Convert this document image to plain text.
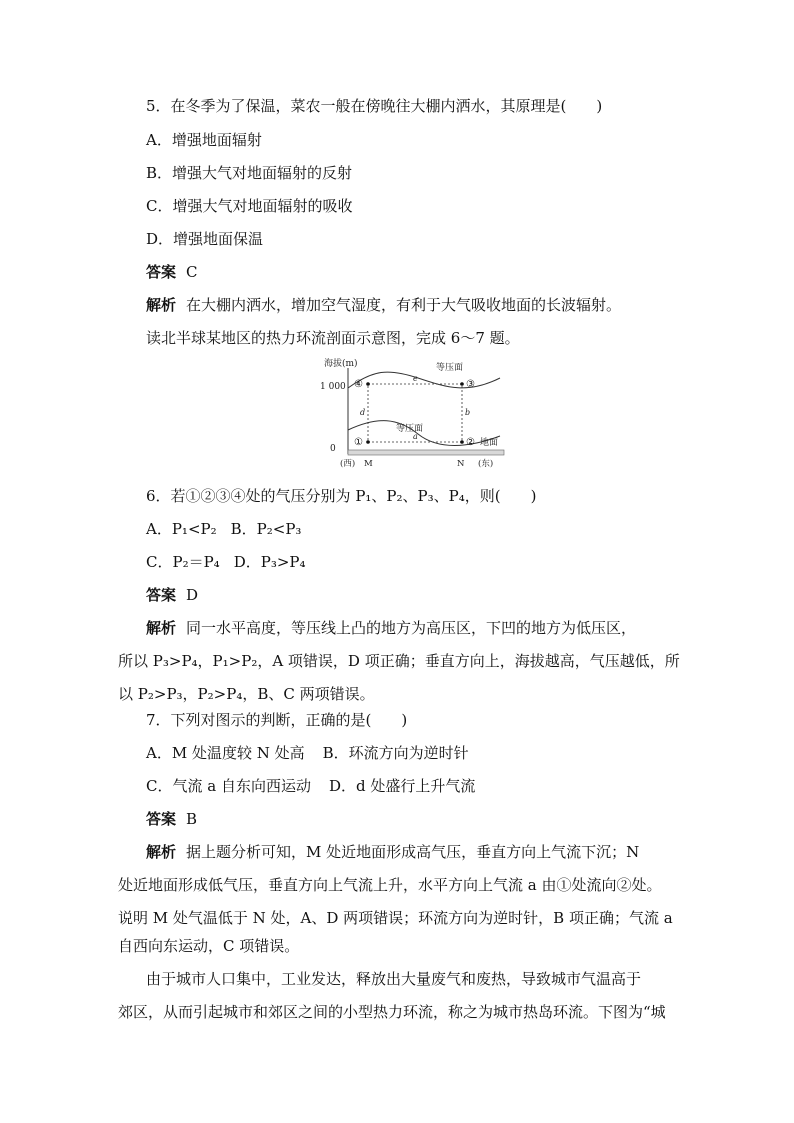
5．在冬季为了保温，菜农一般在傍晚往大棚内洒水，其原理是(　　)
A．增强地面辐射
B．增强大气对地面辐射的反射
C．增强大气对地面辐射的吸收
D．增强地面保温
答案 C
解析 在大棚内洒水，增加空气湿度，有利于大气吸收地面的长波辐射。
读北半球某地区的热力环流剖面示意图，完成 6～7 题。
海拔(m)
1 000
0
等压面
等压面
④	③
①	②
e
a
d	b
地面
(西) M	N (东)
6．若①②③④处的气压分别为 P₁、P₂、P₃、P₄，则(　　)
A．P₁<P₂ B．P₂<P₃
C．P₂＝P₄ D．P₃>P₄
答案 D
解析 同一水平高度，等压线上凸的地方为高压区，下凹的地方为低压区，
所以 P₃>P₄，P₁>P₂，A 项错误，D 项正确；垂直方向上，海拔越高，气压越低，所
以 P₂>P₃，P₂>P₄，B、C 两项错误。
7．下列对图示的判断，正确的是(　　)
A．M 处温度较 N 处高 B．环流方向为逆时针
C．气流 a 自东向西运动 D．d 处盛行上升气流
答案 B
解析 据上题分析可知，M 处近地面形成高气压，垂直方向上气流下沉；N
处近地面形成低气压，垂直方向上气流上升，水平方向上气流 a 由①处流向②处。
说明 M 处气温低于 N 处，A、D 两项错误；环流方向为逆时针，B 项正确；气流 a
自西向东运动，C 项错误。
由于城市人口集中，工业发达，释放出大量废气和废热，导致城市气温高于
郊区，从而引起城市和郊区之间的小型热力环流，称之为城市热岛环流。下图为“城
